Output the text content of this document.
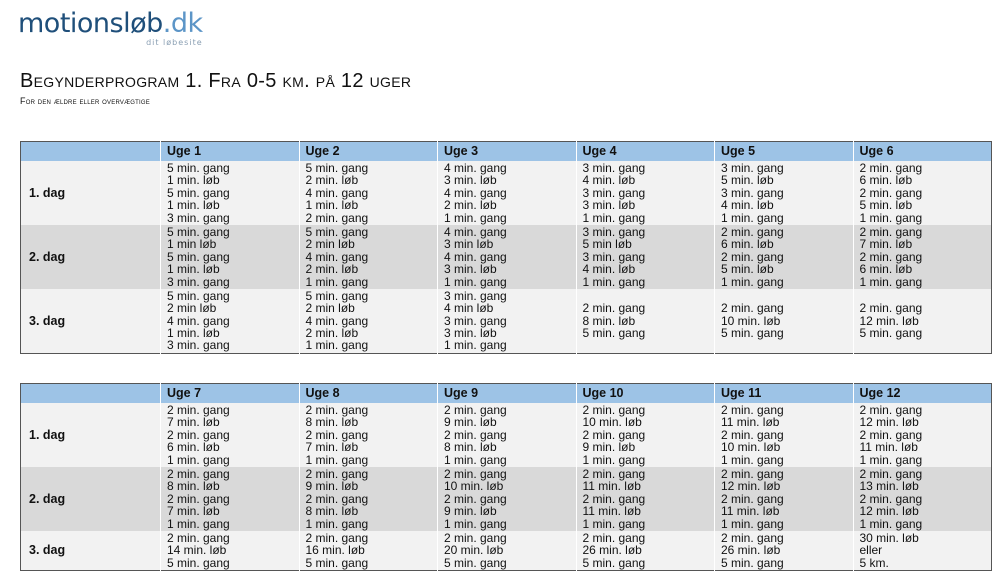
motionsløb.dk
dit løbesite
Begynderprogram 1. Fra 0-5 km. på 12 uger
For den ældre eller overvægtige
	Uge 1	Uge 2	Uge 3	Uge 4	Uge 5	Uge 6
1. dag	5 min. gang
1 min. løb
5 min. gang
1 min. løb
3 min. gang	5 min. gang
2 min. løb
4 min. gang
1 min. løb
2 min. gang	4 min. gang
3 min. løb
4 min. gang
2 min. løb
1 min. gang	3 min. gang
4 min. løb
3 min. gang
3 min. løb
1 min. gang	3 min. gang
5 min. løb
3 min. gang
4 min. løb
1 min. gang	2 min. gang
6 min. løb
2 min. gang
5 min. løb
1 min. gang

2. dag	5 min. gang
1 min løb
5 min. gang
1 min. løb
3 min. gang	5 min. gang
2 min løb
4 min. gang
2 min. løb
1 min. gang	4 min. gang
3 min løb
4 min. gang
3 min. løb
1 min. gang	3 min. gang
5 min løb
3 min. gang
4 min. løb
1 min. gang	2 min. gang
6 min. løb
2 min. gang
5 min. løb
1 min. gang	2 min. gang
7 min. løb
2 min. gang
6 min. løb
1 min. gang

3. dag	5 min. gang
2 min løb
4 min. gang
1 min. løb
3 min. gang	5 min. gang
2 min løb
4 min. gang
2 min. løb
1 min. gang	3 min. gang
4 min løb
3 min. gang
3 min. løb
1 min. gang	2 min. gang
8 min. løb
5 min. gang	2 min. gang
10 min. løb
5 min. gang	2 min. gang
12 min. løb
5 min. gang
	Uge 7	Uge 8	Uge 9	Uge 10	Uge 11	Uge 12
1. dag	2 min. gang
7 min. løb
2 min. gang
6 min. løb
1 min. gang	2 min. gang
8 min. løb
2 min. gang
7 min. løb
1 min. gang	2 min. gang
9 min. løb
2 min. gang
8 min. løb
1 min. gang	2 min. gang
10 min. løb
2 min. gang
9 min. løb
1 min. gang	2 min. gang
11 min. løb
2 min. gang
10 min. løb
1 min. gang	2 min. gang
12 min. løb
2 min. gang
11 min. løb
1 min. gang

2. dag	2 min. gang
8 min. løb
2 min. gang
7 min. løb
1 min. gang	2 min. gang
9 min. løb
2 min. gang
8 min. løb
1 min. gang	2 min. gang
10 min. løb
2 min. gang
9 min. løb
1 min. gang	2 min. gang
11 min. løb
2 min. gang
11 min. løb
1 min. gang	2 min. gang
12 min. løb
2 min. gang
11 min. løb
1 min. gang	2 min. gang
13 min. løb
2 min. gang
12 min. løb
1 min. gang

3. dag	2 min. gang
14 min. løb
5 min. gang	2 min. gang
16 min. løb
5 min. gang	2 min. gang
20 min. løb
5 min. gang	2 min. gang
26 min. løb
5 min. gang	2 min. gang
26 min. løb
5 min. gang	30 min. løb
eller
5 km.
